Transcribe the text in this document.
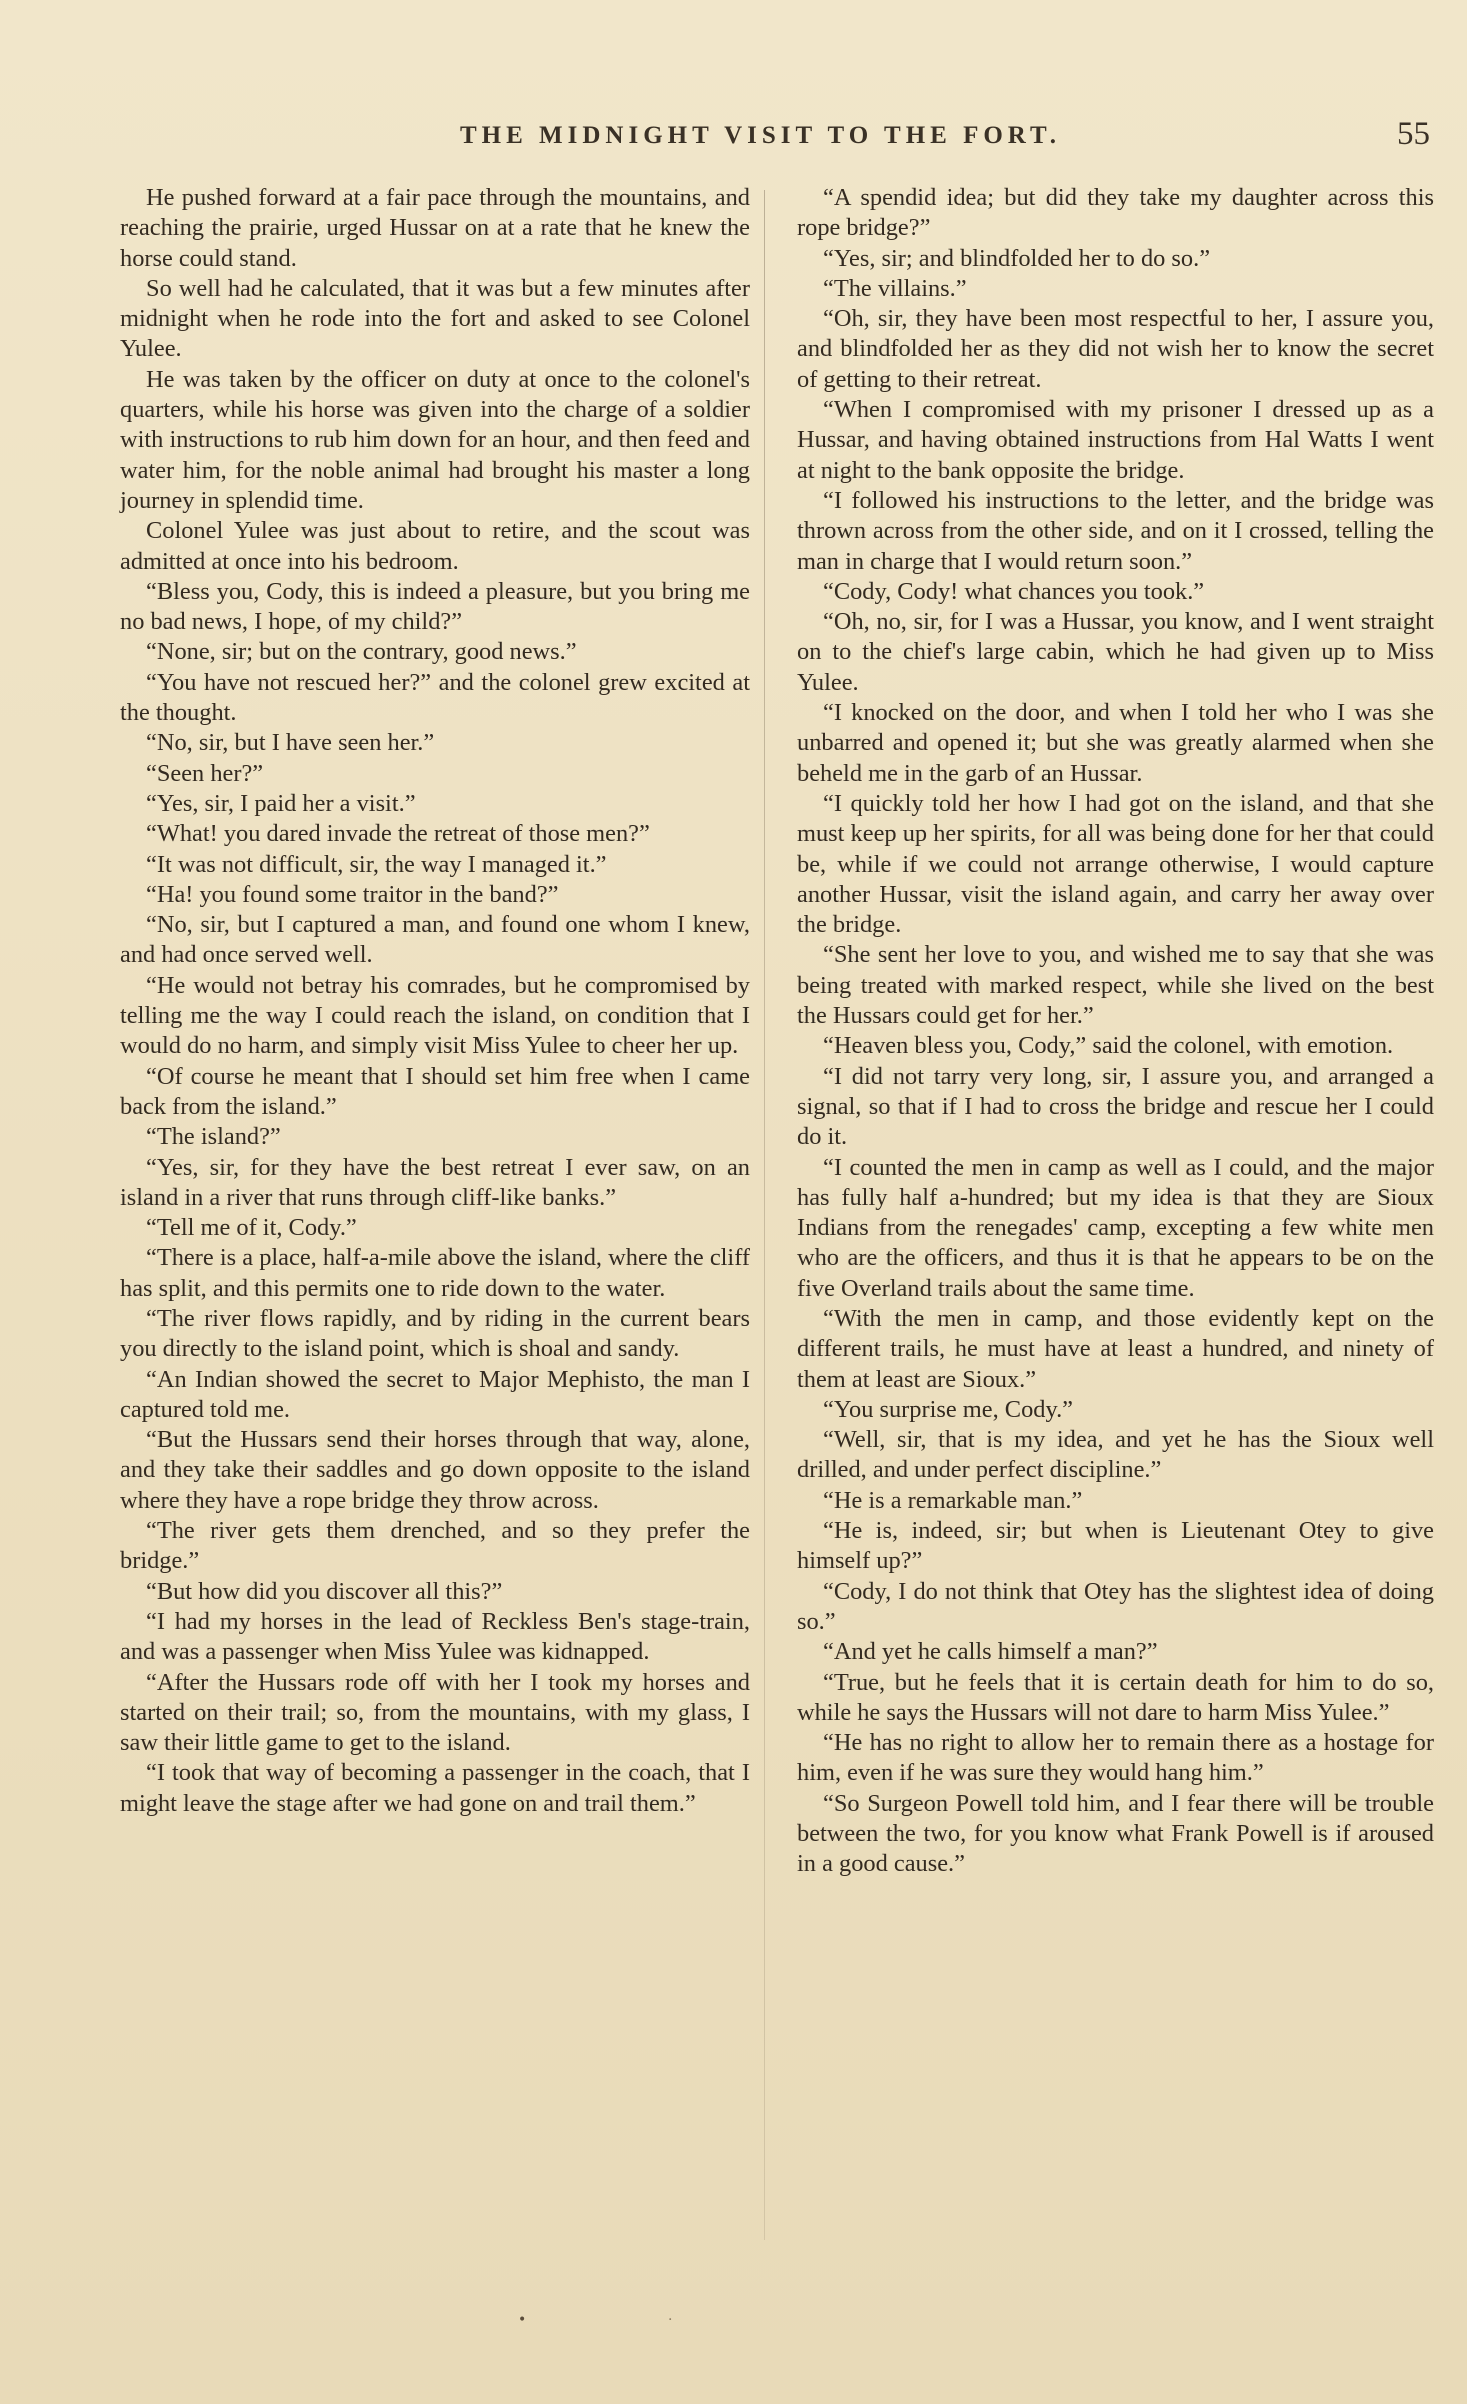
THE MIDNIGHT VISIT TO THE FORT.	55

He pushed forward at a fair pace through the mountains, and reaching the prairie, urged Hussar on at a rate that he knew the horse could stand.

So well had he calculated, that it was but a few minutes after midnight when he rode into the fort and asked to see Colonel Yulee.

He was taken by the officer on duty at once to the colonel's quarters, while his horse was given into the charge of a soldier with instructions to rub him down for an hour, and then feed and water him, for the noble animal had brought his master a long journey in splendid time.

Colonel Yulee was just about to retire, and the scout was admitted at once into his bedroom.

“Bless you, Cody, this is indeed a pleasure, but you bring me no bad news, I hope, of my child?”

“None, sir; but on the contrary, good news.”

“You have not rescued her?” and the colonel grew excited at the thought.

“No, sir, but I have seen her.”

“Seen her?”

“Yes, sir, I paid her a visit.”

“What! you dared invade the retreat of those men?”

“It was not difficult, sir, the way I managed it.”

“Ha! you found some traitor in the band?”

“No, sir, but I captured a man, and found one whom I knew, and had once served well.

“He would not betray his comrades, but he compromised by telling me the way I could reach the island, on condition that I would do no harm, and simply visit Miss Yulee to cheer her up.

“Of course he meant that I should set him free when I came back from the island.”

“The island?”

“Yes, sir, for they have the best retreat I ever saw, on an island in a river that runs through cliff-like banks.”

“Tell me of it, Cody.”

“There is a place, half-a-mile above the island, where the cliff has split, and this permits one to ride down to the water.

“The river flows rapidly, and by riding in the current bears you directly to the island point, which is shoal and sandy.

“An Indian showed the secret to Major Mephisto, the man I captured told me.

“But the Hussars send their horses through that way, alone, and they take their saddles and go down opposite to the island where they have a rope bridge they throw across.

“The river gets them drenched, and so they prefer the bridge.”

“But how did you discover all this?”

“I had my horses in the lead of Reckless Ben's stage-train, and was a passenger when Miss Yulee was kidnapped.

“After the Hussars rode off with her I took my horses and started on their trail; so, from the mountains, with my glass, I saw their little game to get to the island.

“I took that way of becoming a passenger in the coach, that I might leave the stage after we had gone on and trail them.”

“A spendid idea; but did they take my daughter across this rope bridge?”

“Yes, sir; and blindfolded her to do so.”

“The villains.”

“Oh, sir, they have been most respectful to her, I assure you, and blindfolded her as they did not wish her to know the secret of getting to their retreat.

“When I compromised with my prisoner I dressed up as a Hussar, and having obtained instructions from Hal Watts I went at night to the bank opposite the bridge.

“I followed his instructions to the letter, and the bridge was thrown across from the other side, and on it I crossed, telling the man in charge that I would return soon.”

“Cody, Cody! what chances you took.”

“Oh, no, sir, for I was a Hussar, you know, and I went straight on to the chief's large cabin, which he had given up to Miss Yulee.

“I knocked on the door, and when I told her who I was she unbarred and opened it; but she was greatly alarmed when she beheld me in the garb of an Hussar.

“I quickly told her how I had got on the island, and that she must keep up her spirits, for all was being done for her that could be, while if we could not arrange otherwise, I would capture another Hussar, visit the island again, and carry her away over the bridge.

“She sent her love to you, and wished me to say that she was being treated with marked respect, while she lived on the best the Hussars could get for her.”

“Heaven bless you, Cody,” said the colonel, with emotion.

“I did not tarry very long, sir, I assure you, and arranged a signal, so that if I had to cross the bridge and rescue her I could do it.

“I counted the men in camp as well as I could, and the major has fully half a-hundred; but my idea is that they are Sioux Indians from the renegades' camp, excepting a few white men who are the officers, and thus it is that he appears to be on the five Overland trails about the same time.

“With the men in camp, and those evidently kept on the different trails, he must have at least a hundred, and ninety of them at least are Sioux.”

“You surprise me, Cody.”

“Well, sir, that is my idea, and yet he has the Sioux well drilled, and under perfect discipline.”

“He is a remarkable man.”

“He is, indeed, sir; but when is Lieutenant Otey to give himself up?”

“Cody, I do not think that Otey has the slightest idea of doing so.”

“And yet he calls himself a man?”

“True, but he feels that it is certain death for him to do so, while he says the Hussars will not dare to harm Miss Yulee.”

“He has no right to allow her to remain there as a hostage for him, even if he was sure they would hang him.”

“So Surgeon Powell told him, and I fear there will be trouble between the two, for you know what Frank Powell is if aroused in a good cause.”

•	·
